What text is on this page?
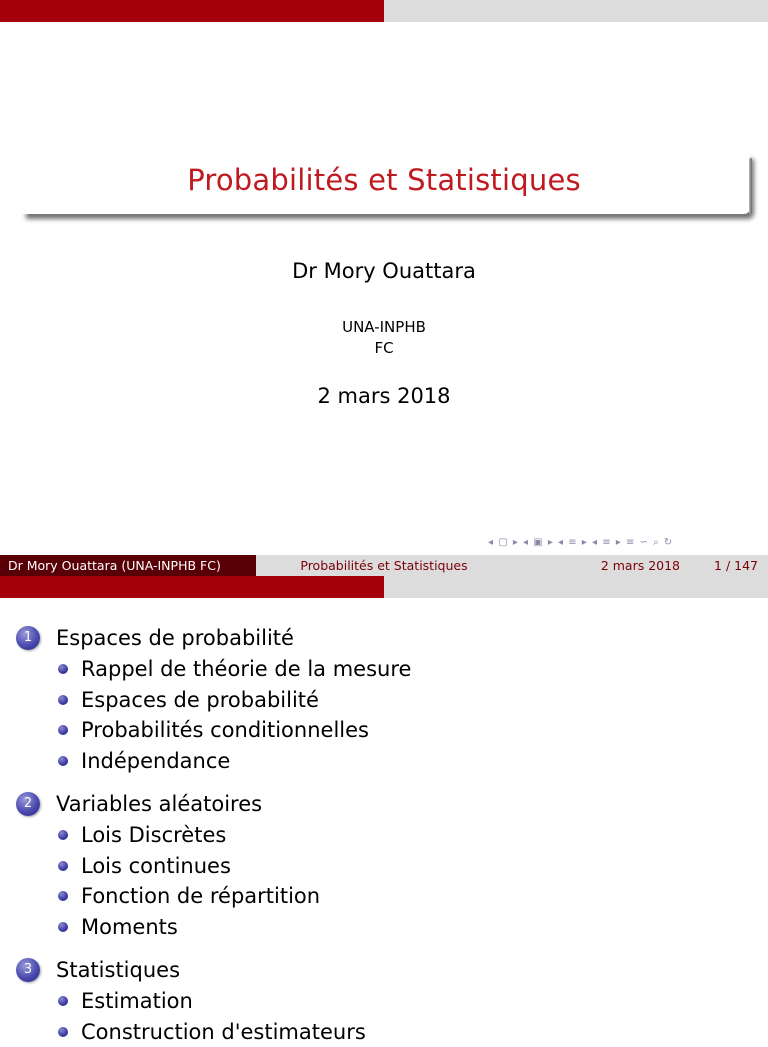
Probabilités et Statistiques
Dr Mory Ouattara
UNA-INPHB
FC
2 mars 2018
◂ ▢ ▸ ◂ ▣ ▸ ◂ ≡ ▸ ◂ ≡ ▸ ≡ ∽ ⌕ ↻
Dr Mory Ouattara (UNA-INPHB FC)	Probabilités et Statistiques	2 mars 2018	1 / 147
1	Espaces de probabilité
Rappel de théorie de la mesure
Espaces de probabilité
Probabilités conditionnelles
Indépendance
2	Variables aléatoires
Lois Discrètes
Lois continues
Fonction de répartition
Moments
3	Statistiques
Estimation
Construction d'estimateurs
